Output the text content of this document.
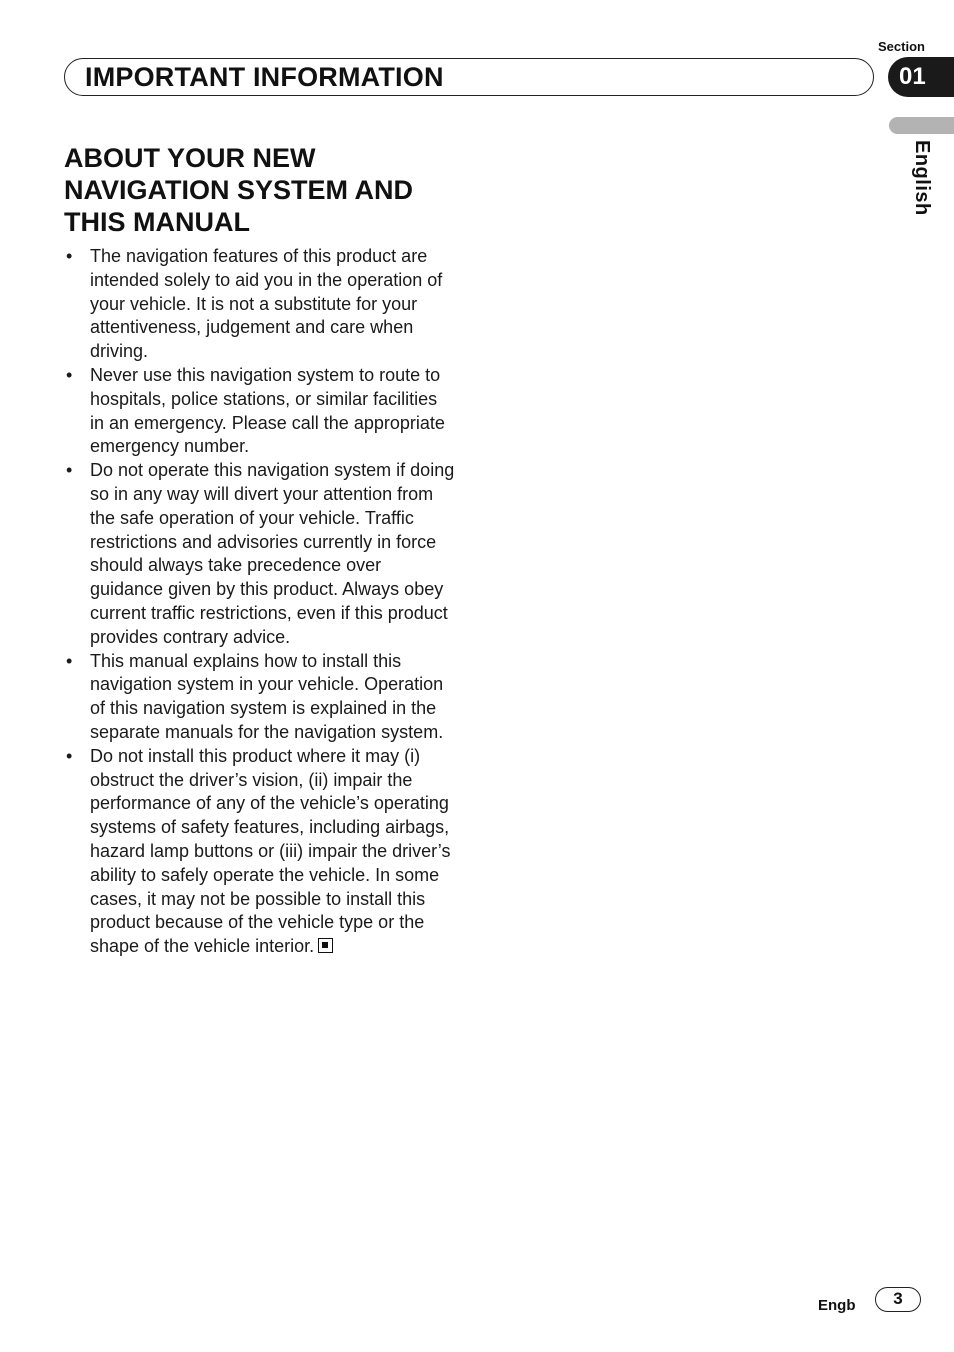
IMPORTANT INFORMATION
Section
01
English
ABOUT YOUR NEW NAVIGATION SYSTEM AND THIS MANUAL
• The navigation features of this product are intended solely to aid you in the operation of your vehicle. It is not a substitute for your attentiveness, judgement and care when driving.
• Never use this navigation system to route to hospitals, police stations, or similar facilities in an emergency. Please call the appropriate emergency number.
• Do not operate this navigation system if doing so in any way will divert your attention from the safe operation of your vehicle. Traffic restrictions and advisories currently in force should always take precedence over guidance given by this product. Always obey current traffic restrictions, even if this product provides contrary advice.
• This manual explains how to install this navigation system in your vehicle. Operation of this navigation system is explained in the separate manuals for the navigation system.
• Do not install this product where it may (i) obstruct the driver’s vision, (ii) impair the performance of any of the vehicle’s operating systems of safety features, including airbags, hazard lamp buttons or (iii) impair the driver’s ability to safely operate the vehicle. In some cases, it may not be possible to install this product because of the vehicle type or the shape of the vehicle interior.
Engb	3
